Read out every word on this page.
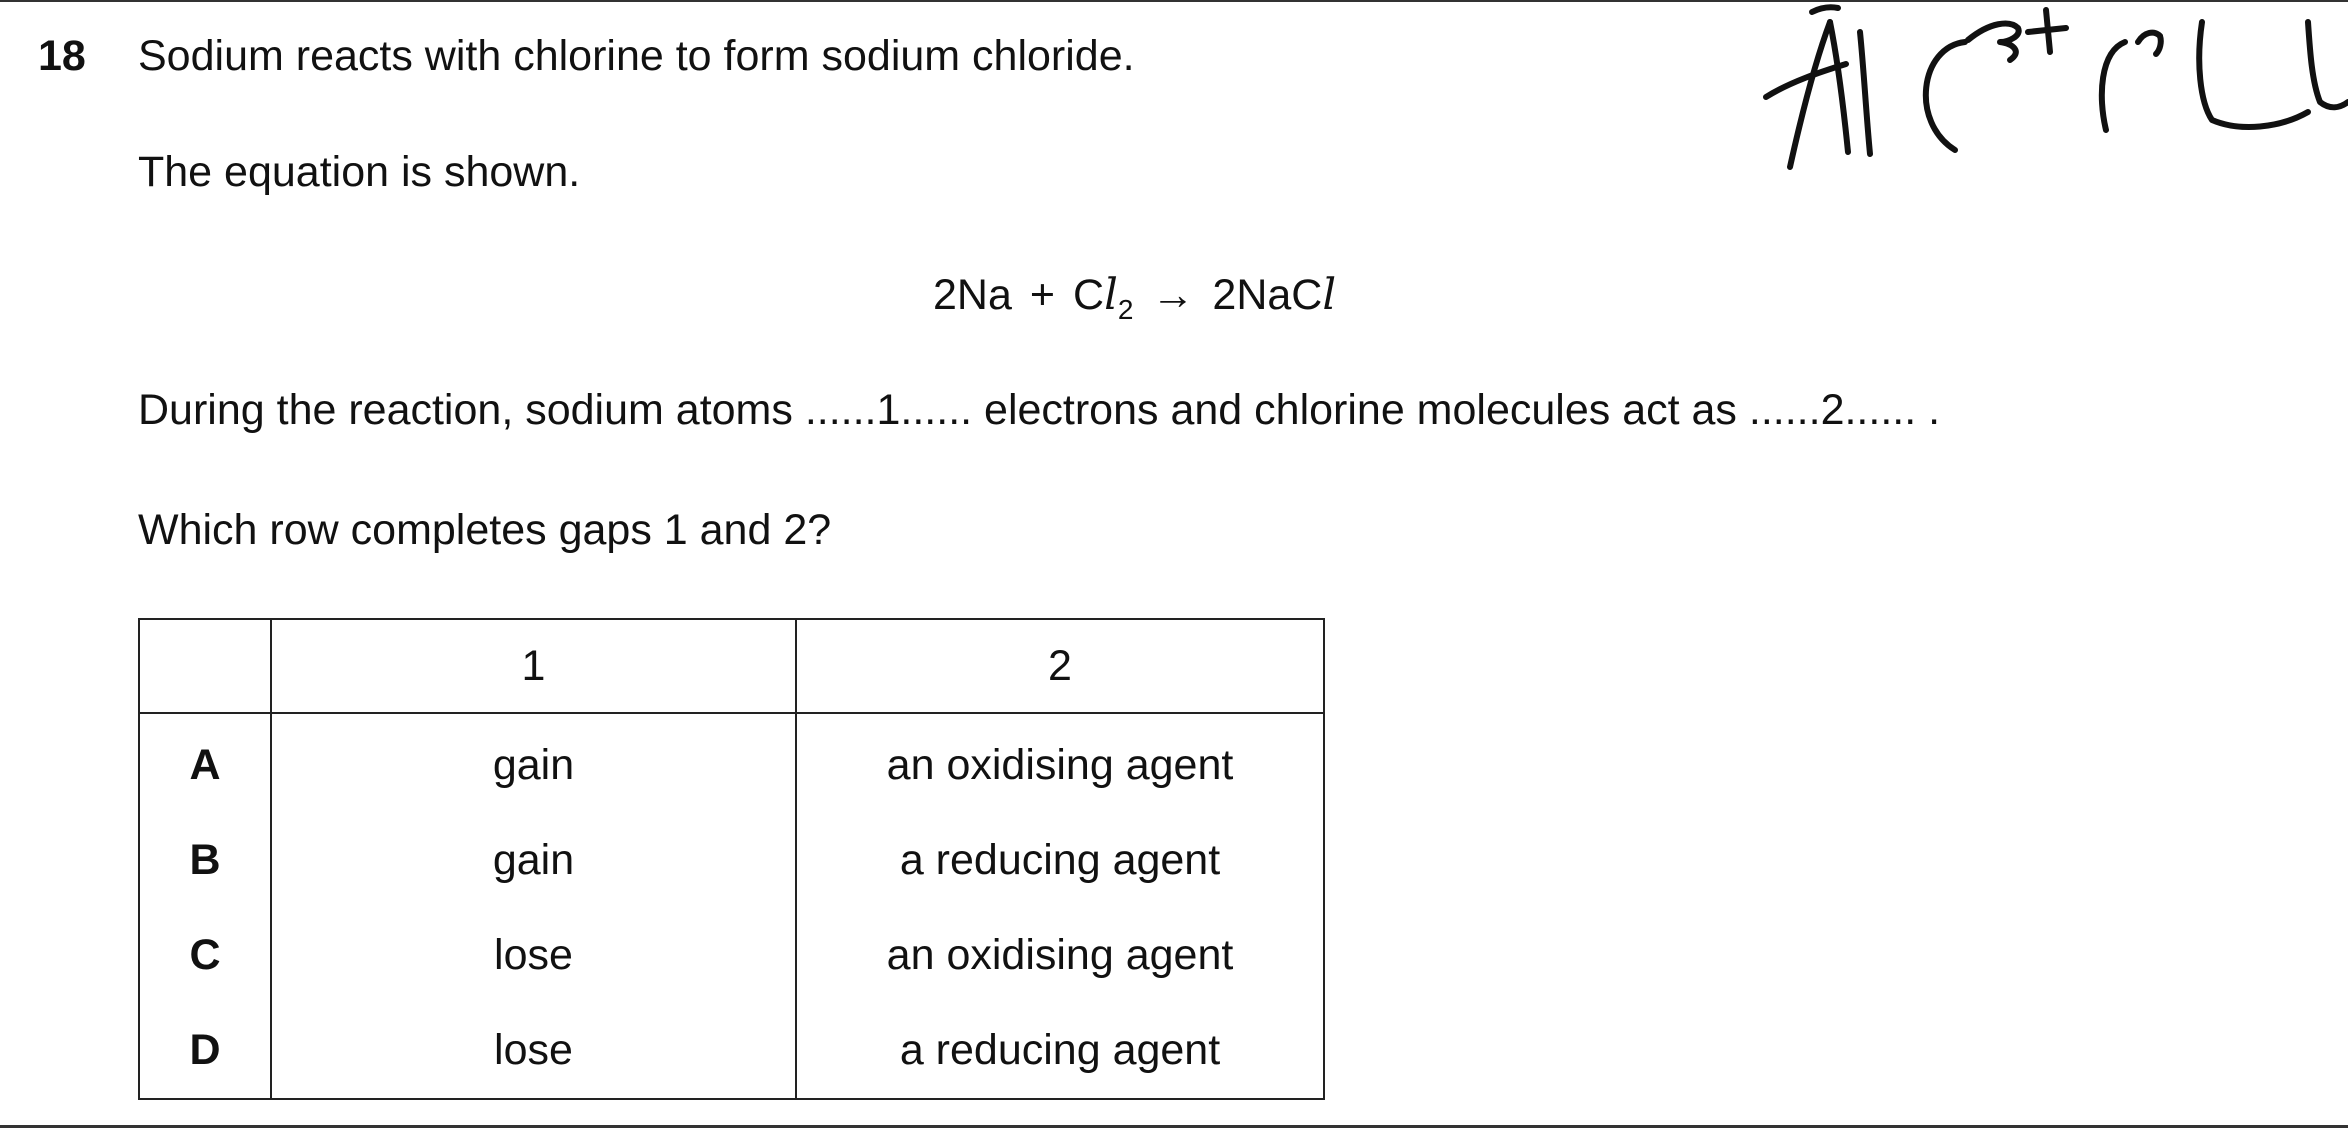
18 Sodium reacts with chlorine to form sodium chloride.
The equation is shown.
$2Na + Cl_2$ → 2NaCl
During the reaction, sodium atoms ......1...... electrons and chlorine molecules act as ......2...... .
Which row completes gaps 1 and 2?
	1	2
A	gain	an oxidising agent
B	gain	a reducing agent
C	lose	an oxidising agent
D	lose	a reducing agent
